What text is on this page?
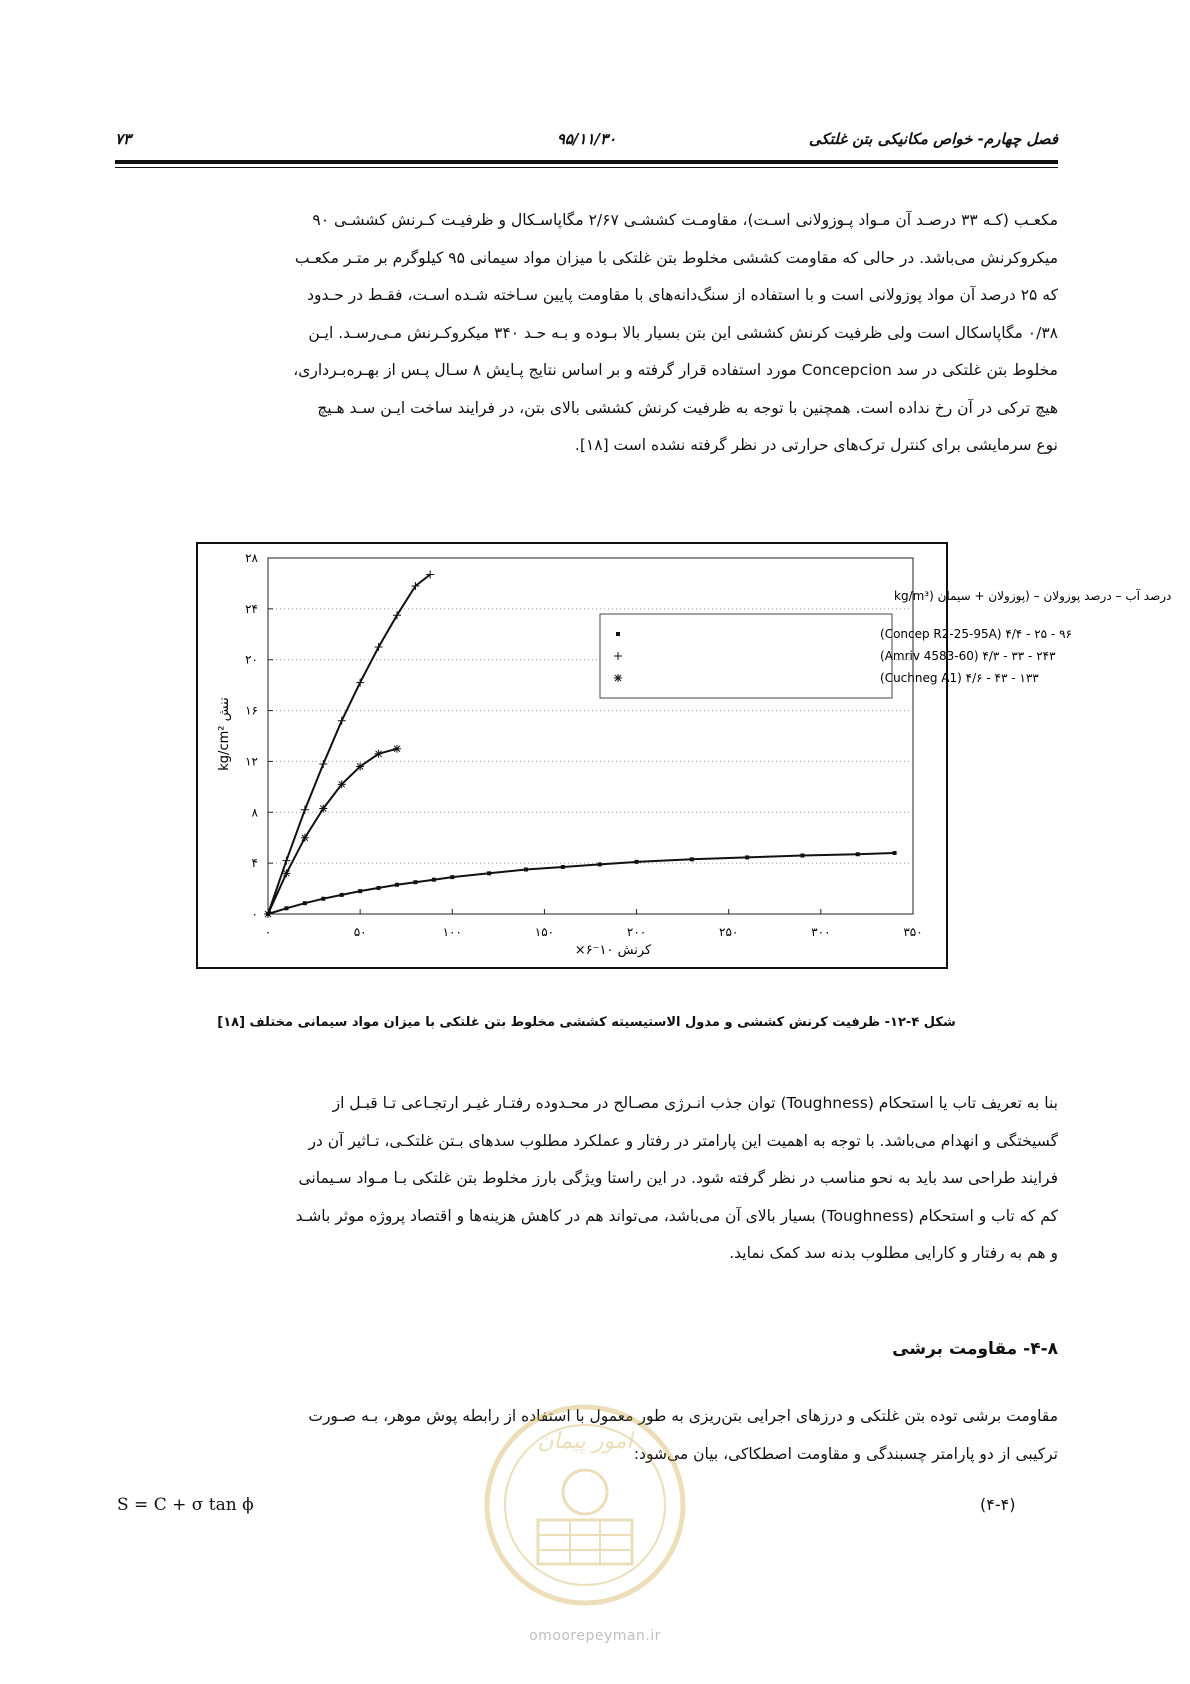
۷۳	۹۵/۱۱/۳۰	فصل چهارم- خواص مکانیکی بتن غلتکی
مکعـب (کـه ۳۳ درصـد آن مـواد پـوزولانی اسـت)، مقاومـت کششـی ۲/۶۷ مگاپاسـکال و ظرفیـت کـرنش کششـی ۹۰
میکروکرنش می‌باشد. در حالی که مقاومت کششی مخلوط بتن غلتکی با میزان مواد سیمانی ۹۵ کیلوگرم بر متـر مکعـب
که ۲۵ درصد آن مواد پوزولانی است و با استفاده از سنگ‌دانه‌های با مقاومت پایین سـاخته شـده اسـت، فقـط در حـدود
۰/۳۸ مگاپاسکال است ولی ظرفیت کرنش کششی این بتن بسیار بالا بـوده و بـه حـد ۳۴۰ میکروکـرنش مـی‌رسـد. ایـن
مخلوط بتن غلتکی در سد Concepcion مورد استفاده قرار گرفته و بر اساس نتایج پـایش ۸ سـال پـس از بهـره‌بـرداری،
هیچ ترکی در آن رخ نداده است. همچنین با توجه به ظرفیت کرنش کششی بالای بتن، در فرایند ساخت ایـن سـد هـیچ
نوع سرمایشی برای کنترل ترک‌های حرارتی در نظر گرفته نشده است [۱۸].
۰
۴
۸
۱۲
۱۶
۲۰
۲۴
۲۸
۰	۵۰	۱۰۰	۱۵۰	۲۰۰	۲۵۰	۳۰۰	۳۵۰
درصد آب – درصد پوزولان – (پوزولان + سیمان (kg/m³
۹۶ - ۲۵ - ۴/۴ (Concep R2-25-95A)
۲۴۳ - ۳۳ - ۴/۳ (Amriv 4583-60)
۱۳۳ - ۴۳ - ۴/۶ (Cuchneg A1)
کرنش ۱۰⁻۶×
تنش kg/cm²
شکل ۴-۱۲- ظرفیت کرنش کششی و مدول الاستیسیته کششی مخلوط بتن غلتکی با میزان مواد سیمانی مختلف [۱۸]
بنا به تعریف تاب یا استحکام (Toughness) توان جذب انـرژی مصـالح در محـدوده رفتـار غیـر ارتجـاعی تـا قبـل از
گسیختگی و انهدام می‌باشد. با توجه به اهمیت این پارامتر در رفتار و عملکرد مطلوب سدهای بـتن غلتکـی، تـاثیر آن در
فرایند طراحی سد باید به نحو مناسب در نظر گرفته شود. در این راستا ویژگی بارز مخلوط بتن غلتکی بـا مـواد سـیمانی
کم که تاب و استحکام (Toughness) بسیار بالای آن می‌باشد، می‌تواند هم در کاهش هزینه‌ها و اقتصاد پروژه موثر باشـد
و هم به رفتار و کارایی مطلوب بدنه سد کمک نماید.
۴-۸- مقاومت برشی
مقاومت برشی توده بتن غلتکی و درزهای اجرایی بتن‌ریزی به طور معمول با استفاده از رابطه پوش موهر، بـه صـورت
ترکیبی از دو پارامتر چسبندگی و مقاومت اصطکاکی، بیان می‌شود:
S = C + σ tan ϕ	(۴-۴)
امور پیمان
omoorepeyman.ir
